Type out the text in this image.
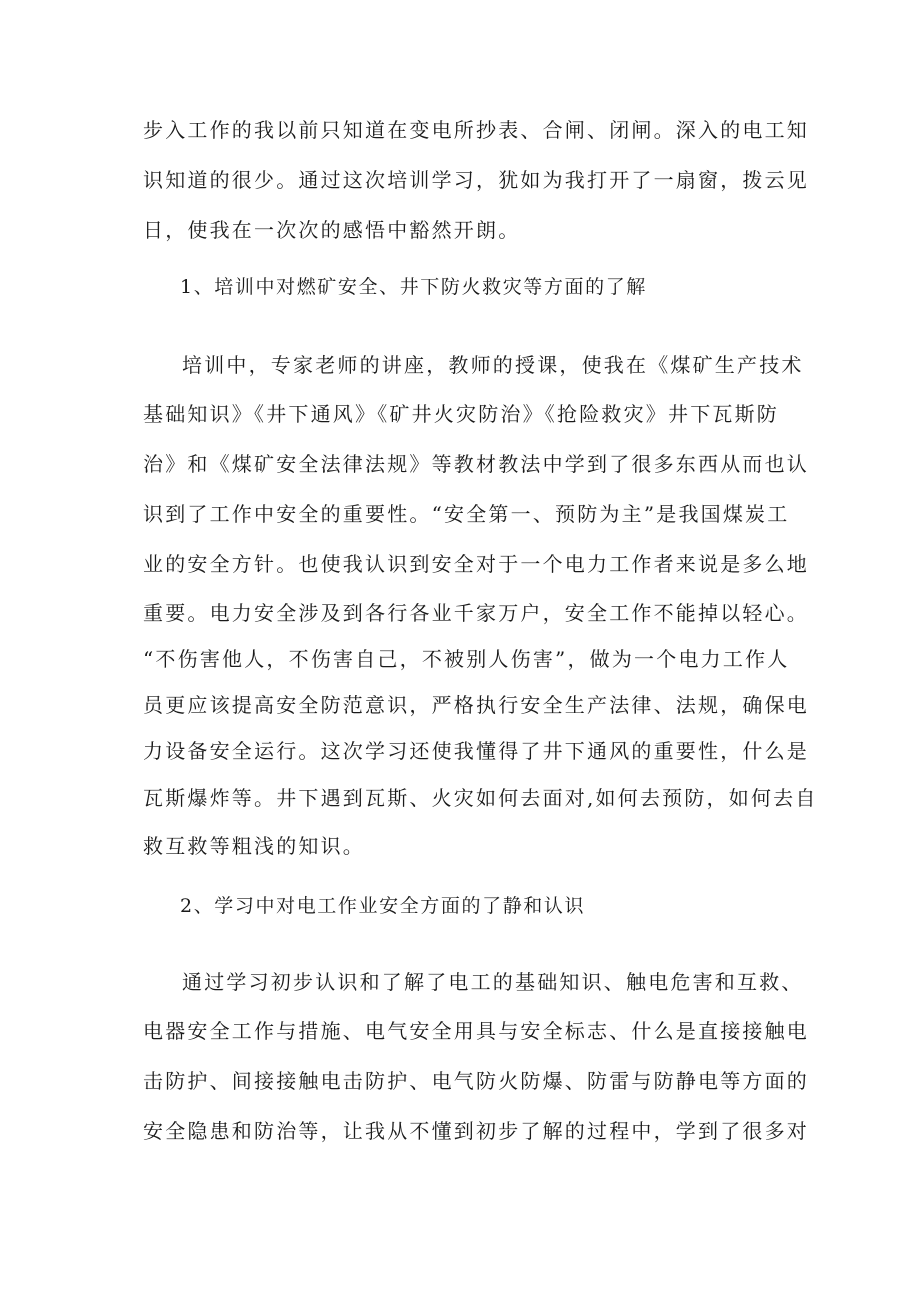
步入工作的我以前只知道在变电所抄表、合闸、闭闸。深入的电工知

识知道的很少。通过这次培训学习，犹如为我打开了一扇窗，拨云见

日，使我在一次次的感悟中豁然开朗。

1、培训中对燃矿安全、井下防火救灾等方面的了解

培训中，专家老师的讲座，教师的授课，使我在《煤矿生产技术

基础知识》《井下通风》《矿井火灾防治》《抢险救灾》井下瓦斯防

治》和《煤矿安全法律法规》等教材教法中学到了很多东西从而也认

识到了工作中安全的重要性。“安全第一、预防为主”是我国煤炭工

业的安全方针。也使我认识到安全对于一个电力工作者来说是多么地

重要。电力安全涉及到各行各业千家万户，安全工作不能掉以轻心。

“不伤害他人，不伤害自己，不被别人伤害”，做为一个电力工作人

员更应该提高安全防范意识，严格执行安全生产法律、法规，确保电

力设备安全运行。这次学习还使我懂得了井下通风的重要性，什么是

瓦斯爆炸等。井下遇到瓦斯、火灾如何去面对,如何去预防，如何去自

救互救等粗浅的知识。

2、学习中对电工作业安全方面的了静和认识

通过学习初步认识和了解了电工的基础知识、触电危害和互救、

电器安全工作与措施、电气安全用具与安全标志、什么是直接接触电

击防护、间接接触电击防护、电气防火防爆、防雷与防静电等方面的

安全隐患和防治等，让我从不懂到初步了解的过程中，学到了很多对
